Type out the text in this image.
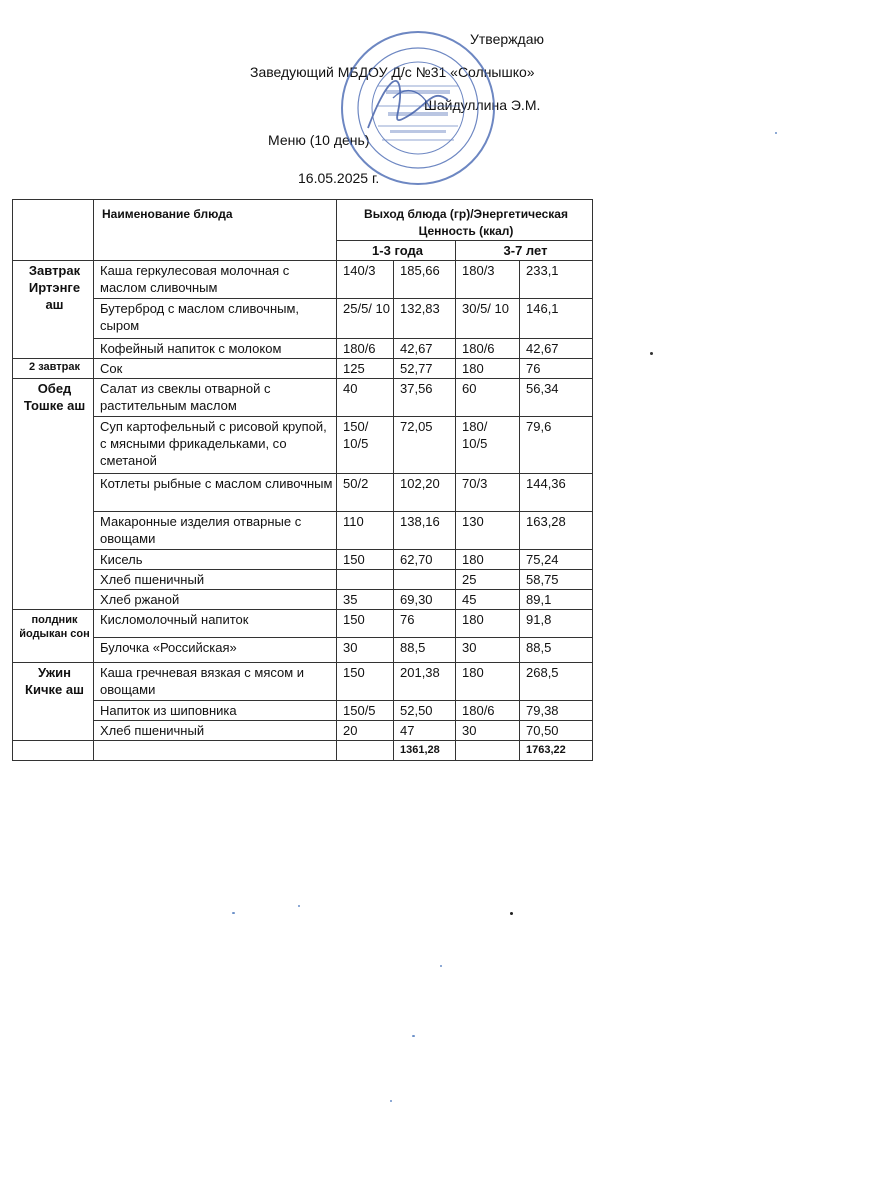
Утверждаю
Заведующий МБДОУ Д/с №31 «Солнышко»
Шайдуллина Э.М.
Меню (10 день)
16.05.2025 г.
	Наименование блюда	Выход блюда (гр)/Энергетическая Ценность (ккал)			
		1-3 года		3-7 лет	
Завтрак Иртэнге аш	Каша геркулесовая молочная с маслом сливочным	140/3	185,66	180/3	233,1
	Бутерброд с маслом сливочным, сыром	25/5/ 10	132,83	30/5/ 10	146,1
	Кофейный напиток с молоком	180/6	42,67	180/6	42,67
2 завтрак	Сок	125	52,77	180	76
Обед Тошке аш	Салат из свеклы отварной с растительным маслом	40	37,56	60	56,34
	Суп картофельный с рисовой крупой, с мясными фрикадельками, со сметаной	150/ 10/5	72,05	180/ 10/5	79,6
	Котлеты рыбные с маслом сливочным	50/2	102,20	70/3	144,36
	Макаронные изделия отварные с овощами	110	138,16	130	163,28
	Кисель	150	62,70	180	75,24
	Хлеб пшеничный			25	58,75
	Хлеб ржаной	35	69,30	45	89,1
полдник йодыкан сон	Кисломолочный напиток	150	76	180	91,8
	Булочка «Российская»	30	88,5	30	88,5
Ужин Кичке аш	Каша гречневая вязкая с мясом и овощами	150	201,38	180	268,5
	Напиток из шиповника	150/5	52,50	180/6	79,38
	Хлеб пшеничный	20	47	30	70,50
			1361,28		1763,22
